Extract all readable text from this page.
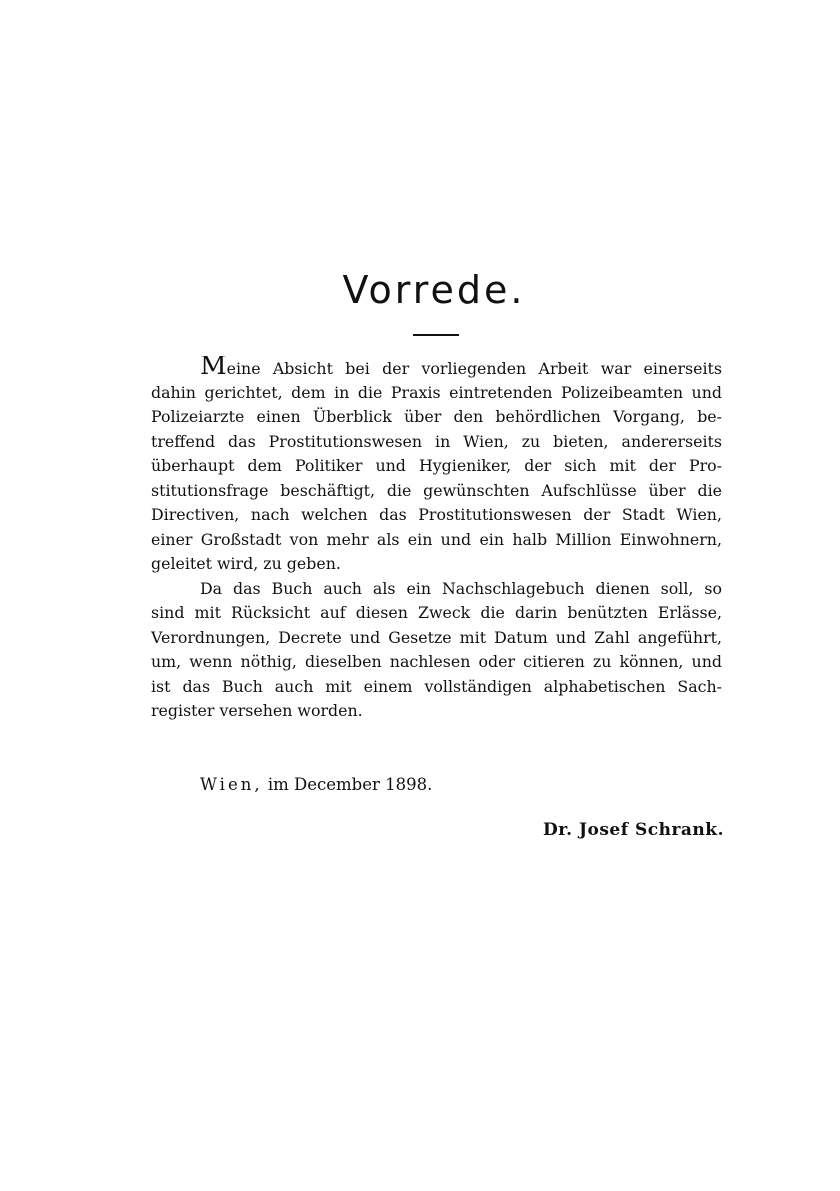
Vorrede.
Meine Absicht bei der vorliegenden Arbeit war einerseits
dahin gerichtet, dem in die Praxis eintretenden Polizeibeamten und
Polizeiarzte einen Überblick über den behördlichen Vorgang, be-
treffend das Prostitutionswesen in Wien, zu bieten, andererseits
überhaupt dem Politiker und Hygieniker, der sich mit der Pro-
stitutionsfrage beschäftigt, die gewünschten Aufschlüsse über die
Directiven, nach welchen das Prostitutionswesen der Stadt Wien,
einer Großstadt von mehr als ein und ein halb Million Einwohnern,
geleitet wird, zu geben.
Da das Buch auch als ein Nachschlagebuch dienen soll, so
sind mit Rücksicht auf diesen Zweck die darin benützten Erlässe,
Verordnungen, Decrete und Gesetze mit Datum und Zahl angeführt,
um, wenn nöthig, dieselben nachlesen oder citieren zu können, und
ist das Buch auch mit einem vollständigen alphabetischen Sach-
register versehen worden.
Wien, im December 1898.
Dr. Josef Schrank.
